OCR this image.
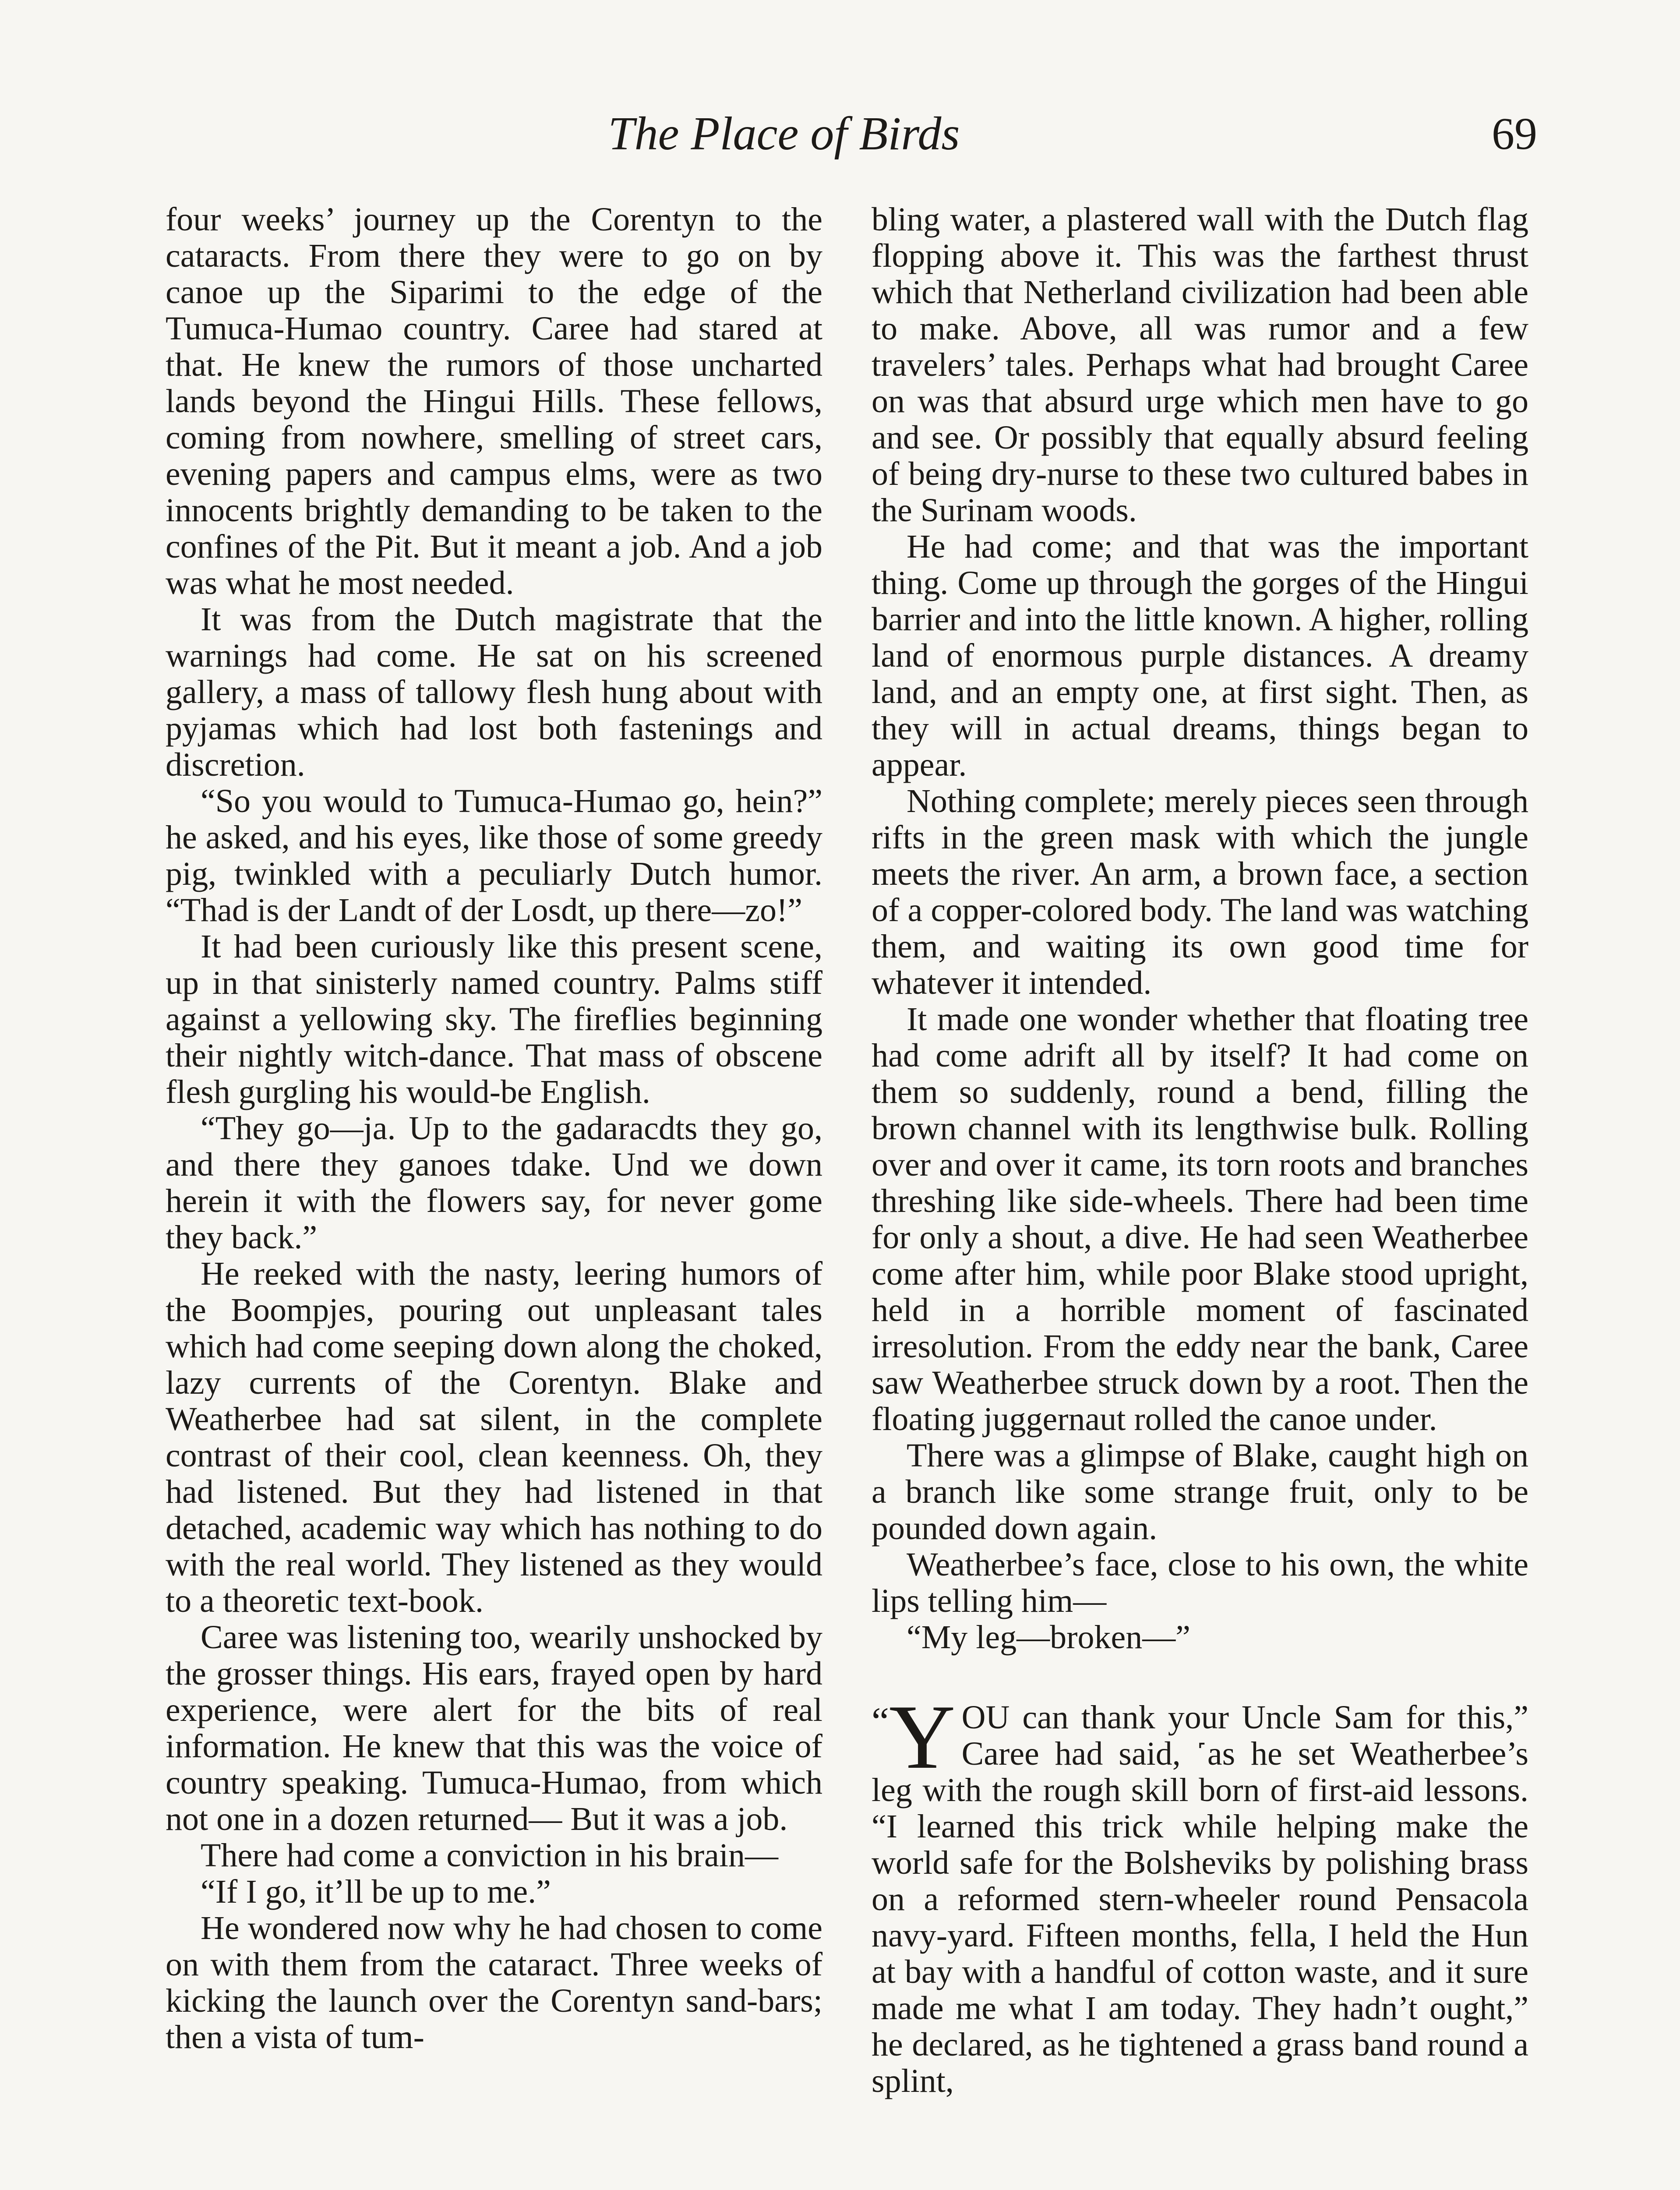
The Place of Birds	69

four weeks’ journey up the Corentyn to the cataracts. From there they were to go on by canoe up the Siparimi to the edge of the Tumuca-Humao country. Caree had stared at that. He knew the rumors of those uncharted lands beyond the Hingui Hills. These fellows, coming from nowhere, smelling of street cars, evening papers and campus elms, were as two innocents brightly demanding to be taken to the confines of the Pit. But it meant a job. And a job was what he most needed.

It was from the Dutch magistrate that the warnings had come. He sat on his screened gallery, a mass of tallowy flesh hung about with pyjamas which had lost both fastenings and discretion.

“So you would to Tumuca-Humao go, hein?” he asked, and his eyes, like those of some greedy pig, twinkled with a peculiarly Dutch humor. “Thad is der Landt of der Losdt, up there—zo!”

It had been curiously like this present scene, up in that sinisterly named country. Palms stiff against a yellowing sky. The fireflies beginning their nightly witch-dance. That mass of obscene flesh gurgling his would-be English.

“They go—ja. Up to the gadaracdts they go, and there they ganoes tdake. Und we down herein it with the flowers say, for never gome they back.”

He reeked with the nasty, leering humors of the Boompjes, pouring out unpleasant tales which had come seeping down along the choked, lazy currents of the Corentyn. Blake and Weatherbee had sat silent, in the complete contrast of their cool, clean keenness. Oh, they had listened. But they had listened in that detached, academic way which has nothing to do with the real world. They listened as they would to a theoretic text-book.

Caree was listening too, wearily unshocked by the grosser things. His ears, frayed open by hard experience, were alert for the bits of real information. He knew that this was the voice of country speaking. Tumuca-Humao, from which not one in a dozen returned— But it was a job.

There had come a conviction in his brain—

“If I go, it’ll be up to me.”

He wondered now why he had chosen to come on with them from the cataract. Three weeks of kicking the launch over the Corentyn sand-bars; then a vista of tum-

bling water, a plastered wall with the Dutch flag flopping above it. This was the farthest thrust which that Netherland civilization had been able to make. Above, all was rumor and a few travelers’ tales. Perhaps what had brought Caree on was that absurd urge which men have to go and see. Or possibly that equally absurd feeling of being dry-nurse to these two cultured babes in the Surinam woods.

He had come; and that was the important thing. Come up through the gorges of the Hingui barrier and into the little known. A higher, rolling land of enormous purple distances. A dreamy land, and an empty one, at first sight. Then, as they will in actual dreams, things began to appear.

Nothing complete; merely pieces seen through rifts in the green mask with which the jungle meets the river. An arm, a brown face, a section of a copper-colored body. The land was watching them, and waiting its own good time for whatever it intended.

It made one wonder whether that floating tree had come adrift all by itself? It had come on them so suddenly, round a bend, filling the brown channel with its lengthwise bulk. Rolling over and over it came, its torn roots and branches threshing like side-wheels. There had been time for only a shout, a dive. He had seen Weatherbee come after him, while poor Blake stood upright, held in a horrible moment of fascinated irresolution. From the eddy near the bank, Caree saw Weatherbee struck down by a root. Then the floating juggernaut rolled the canoe under.

There was a glimpse of Blake, caught high on a branch like some strange fruit, only to be pounded down again.

Weatherbee’s face, close to his own, the white lips telling him—

“My leg—broken—”

“Y OU can thank your Uncle Sam for this,” Caree had said, ˹as he set Weatherbee’s leg with the rough skill born of first-aid lessons. “I learned this trick while helping make the world safe for the Bolsheviks by polishing brass on a reformed stern-wheeler round Pensacola navy-yard. Fifteen months, fella, I held the Hun at bay with a handful of cotton waste, and it sure made me what I am today. They hadn’t ought,” he declared, as he tightened a grass band round a splint,
